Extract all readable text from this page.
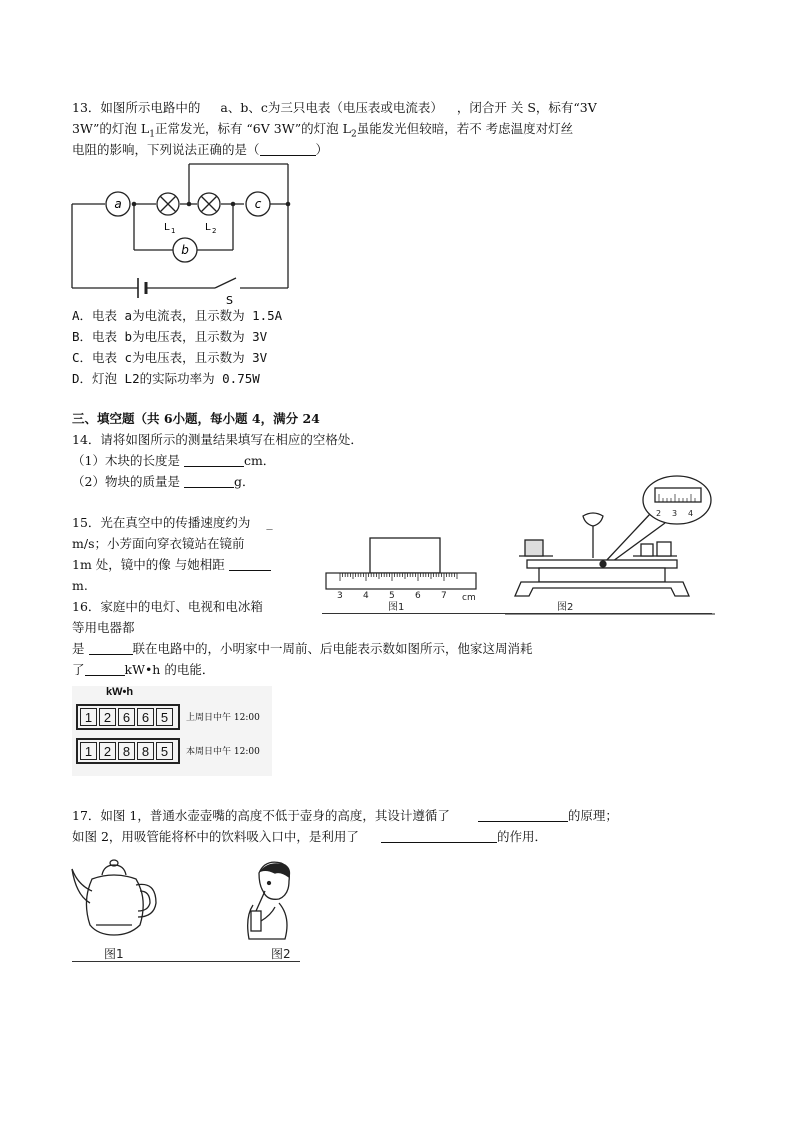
13．如图所示电路中的 a、b、c为三只电表（电压表或电流表） ，闭合开 关 S，标有“3V
3W”的灯泡 $L_1$正常发光，标有 “6V 3W”的灯泡 $L_2$虽能发光但较暗，若不 考虑温度对灯丝
电阻的影响，下列说法正确的是（	）
a	c
b
L 1	L 2
S
A．电表 a为电流表，且示数为 1.5A
B．电表 b为电压表，且示数为 3V
C．电表 c为电压表，且示数为 3V
D．灯泡 L2的实际功率为 0.75W
三、填空题（共 6小题，每小题 4，满分 24
14．请将如图所示的测量结果填写在相应的空格处．
（1）木块的长度是	cm．
（2）物块的质量是	g．
3 4 5 6 7 cm
图1
2 3 4
图2
15．光在真空中的传播速度约为 _
m/s；小芳面向穿衣镜站在镜前
1m 处，镜中的像 与她相距
m.
16．家庭中的电灯、电视和电冰箱
等用电器都
是	联在电路中的，小明家中一周前、后电能表示数如图所示，他家这周消耗
了	kW•h 的电能．
kW•h
1 2 6 6 5	上周日中午 12:00
1 2 8 8 5	本周日中午 12:00
17．如图 1，普通水壶壶嘴的高度不低于壶身的高度，其设计遵循了	的原理；
如图 2，用吸管能将杯中的饮料吸入口中，是利用了	的作用．
图1	图2
